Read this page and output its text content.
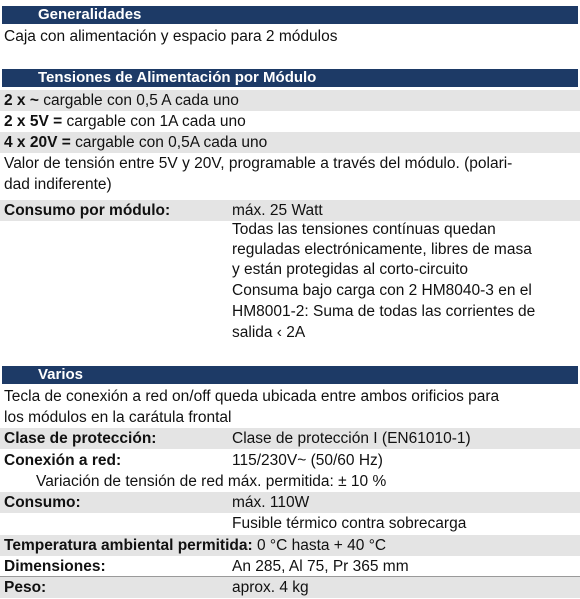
Generalidades
Caja con alimentación y espacio para 2 módulos
Tensiones de Alimentación por Módulo
2 x ~ cargable con 0,5 A cada uno
2 x 5V = cargable con 1A cada uno
4 x 20V = cargable con 0,5A cada uno
Valor de tensión entre 5V y 20V, programable a través del módulo. (polari-
dad indiferente)
Consumo por módulo:	máx. 25 Watt
Todas las tensiones contínuas quedan
reguladas electrónicamente, libres de masa
y están protegidas al corto-circuito
Consuma bajo carga con 2 HM8040-3 en el
HM8001-2: Suma de todas las corrientes de
salida ‹ 2A
Varios
Tecla de conexión a red on/off queda ubicada entre ambos orificios para
los módulos en la carátula frontal
Clase de protección:	Clase de protección I (EN61010-1)
Conexión a red:	115/230V~ (50/60 Hz)
Variación de tensión de red máx. permitida: ± 10 %
Consumo:	máx. 110W
Fusible térmico contra sobrecarga
Temperatura ambiental permitida: 0 °C hasta + 40 °C
Dimensiones:	An 285, Al 75, Pr 365 mm
Peso:	aprox. 4 kg
